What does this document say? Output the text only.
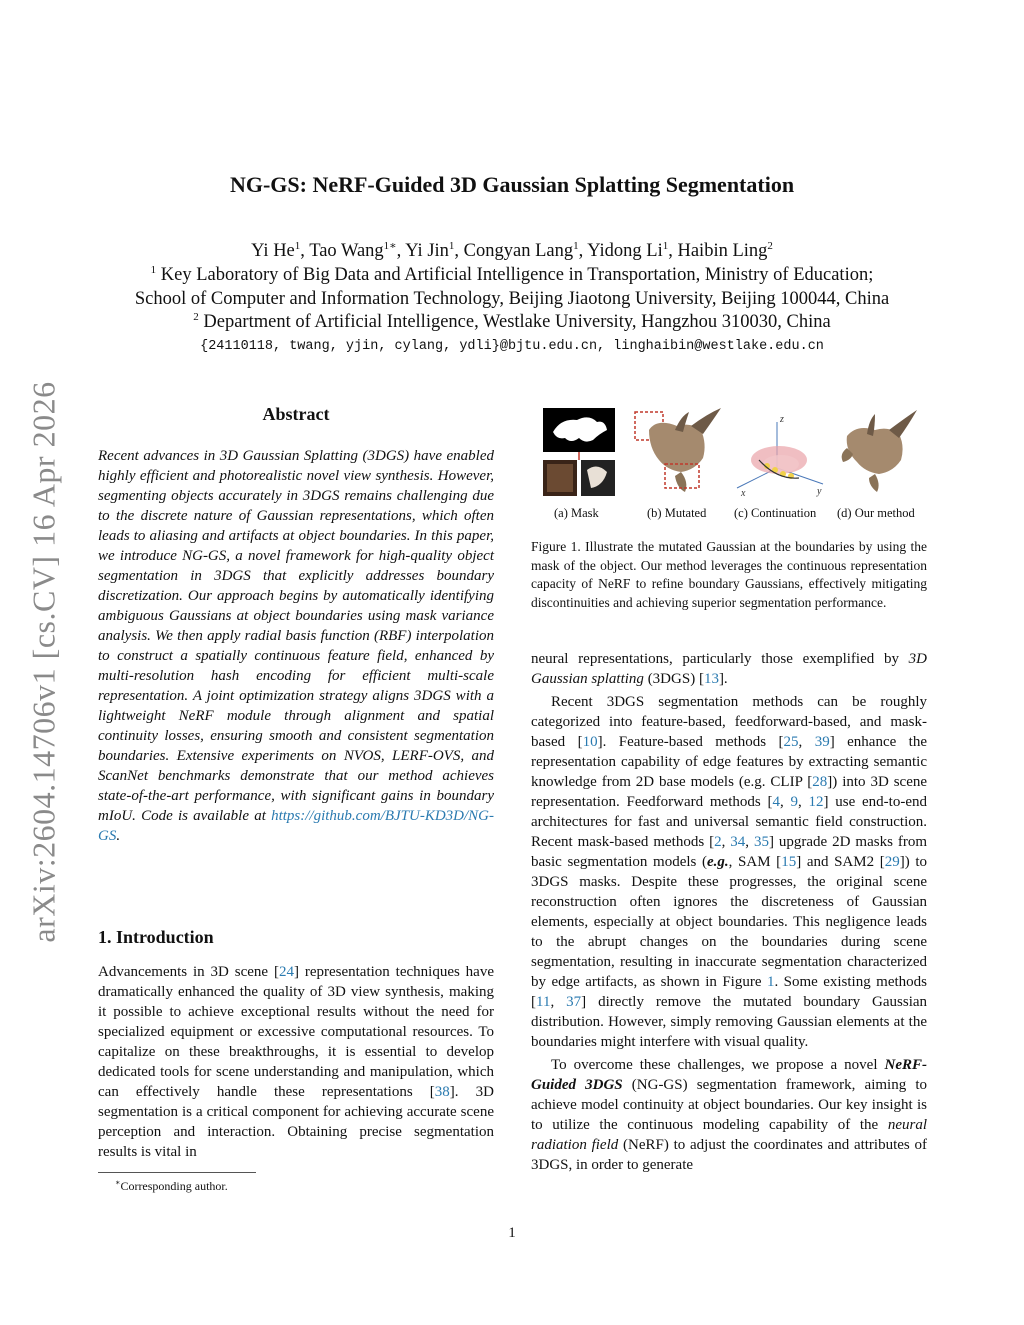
arXiv:2604.14706v1 [cs.CV] 16 Apr 2026
NG-GS: NeRF-Guided 3D Gaussian Splatting Segmentation
Yi He$^1$, Tao Wang$^{1∗}$, Yi Jin$^1$, Congyan Lang$^1$, Yidong Li$^1$, Haibin Ling$^2$
$^1$ Key Laboratory of Big Data and Artificial Intelligence in Transportation, Ministry of Education;
School of Computer and Information Technology, Beijing Jiaotong University, Beijing 100044, China
$^2$ Department of Artificial Intelligence, Westlake University, Hangzhou 310030, China
{24110118, twang, yjin, cylang, ydli}@bjtu.edu.cn, linghaibin@westlake.edu.cn
Abstract
Recent advances in 3D Gaussian Splatting (3DGS) have enabled highly efficient and photorealistic novel view synthesis. However, segmenting objects accurately in 3DGS remains challenging due to the discrete nature of Gaussian representations, which often leads to aliasing and artifacts at object boundaries. In this paper, we introduce NG-GS, a novel framework for high-quality object segmentation in 3DGS that explicitly addresses boundary discretization. Our approach begins by automatically identifying ambiguous Gaussians at object boundaries using mask variance analysis. We then apply radial basis function (RBF) interpolation to construct a spatially continuous feature field, enhanced by multi-resolution hash encoding for efficient multi-scale representation. A joint optimization strategy aligns 3DGS with a lightweight NeRF module through alignment and spatial continuity losses, ensuring smooth and consistent segmentation boundaries. Extensive experiments on NVOS, LERF-OVS, and ScanNet benchmarks demonstrate that our method achieves state-of-the-art performance, with significant gains in boundary mIoU. Code is available at https://github.com/BJTU-KD3D/NG-GS.
1. Introduction

Advancements in 3D scene [24] representation techniques have dramatically enhanced the quality of 3D view synthesis, making it possible to achieve exceptional results without the need for specialized equipment or excessive computational resources. To capitalize on these breakthroughs, it is essential to develop dedicated tools for scene understanding and manipulation, which can effectively handle these representations [38]. 3D segmentation is a critical component for achieving accurate scene perception and interaction. Obtaining precise segmentation results is vital in

∗Corresponding author.
z
y
x
(a) Mask	(b) Mutated (c) Continuation (d) Our method
Figure 1. Illustrate the mutated Gaussian at the boundaries by using the mask of the object. Our method leverages the continuous representation capacity of NeRF to refine boundary Gaussians, effectively mitigating discontinuities and achieving superior segmentation performance.

neural representations, particularly those exemplified by 3D Gaussian splatting (3DGS) [13].

Recent 3DGS segmentation methods can be roughly categorized into feature-based, feedforward-based, and mask-based [10]. Feature-based methods [25, 39] enhance the representation capability of edge features by extracting semantic knowledge from 2D base models (e.g. CLIP [28]) into 3D scene representation. Feedforward methods [4, 9, 12] use end-to-end architectures for fast and universal semantic field construction. Recent mask-based methods [2, 34, 35] upgrade 2D masks from basic segmentation models (e.g., SAM [15] and SAM2 [29]) to 3DGS masks. Despite these progresses, the original scene reconstruction often ignores the discreteness of Gaussian elements, especially at object boundaries. This negligence leads to the abrupt changes on the boundaries during scene segmentation, resulting in inaccurate segmentation characterized by edge artifacts, as shown in Figure 1. Some existing methods [11, 37] directly remove the mutated boundary Gaussian distribution. However, simply removing Gaussian elements at the boundaries might interfere with visual quality.

To overcome these challenges, we propose a novel NeRF-Guided 3DGS (NG-GS) segmentation framework, aiming to achieve model continuity at object boundaries. Our key insight is to utilize the continuous modeling capability of the neural radiation field (NeRF) to adjust the coordinates and attributes of 3DGS, in order to generate

1
